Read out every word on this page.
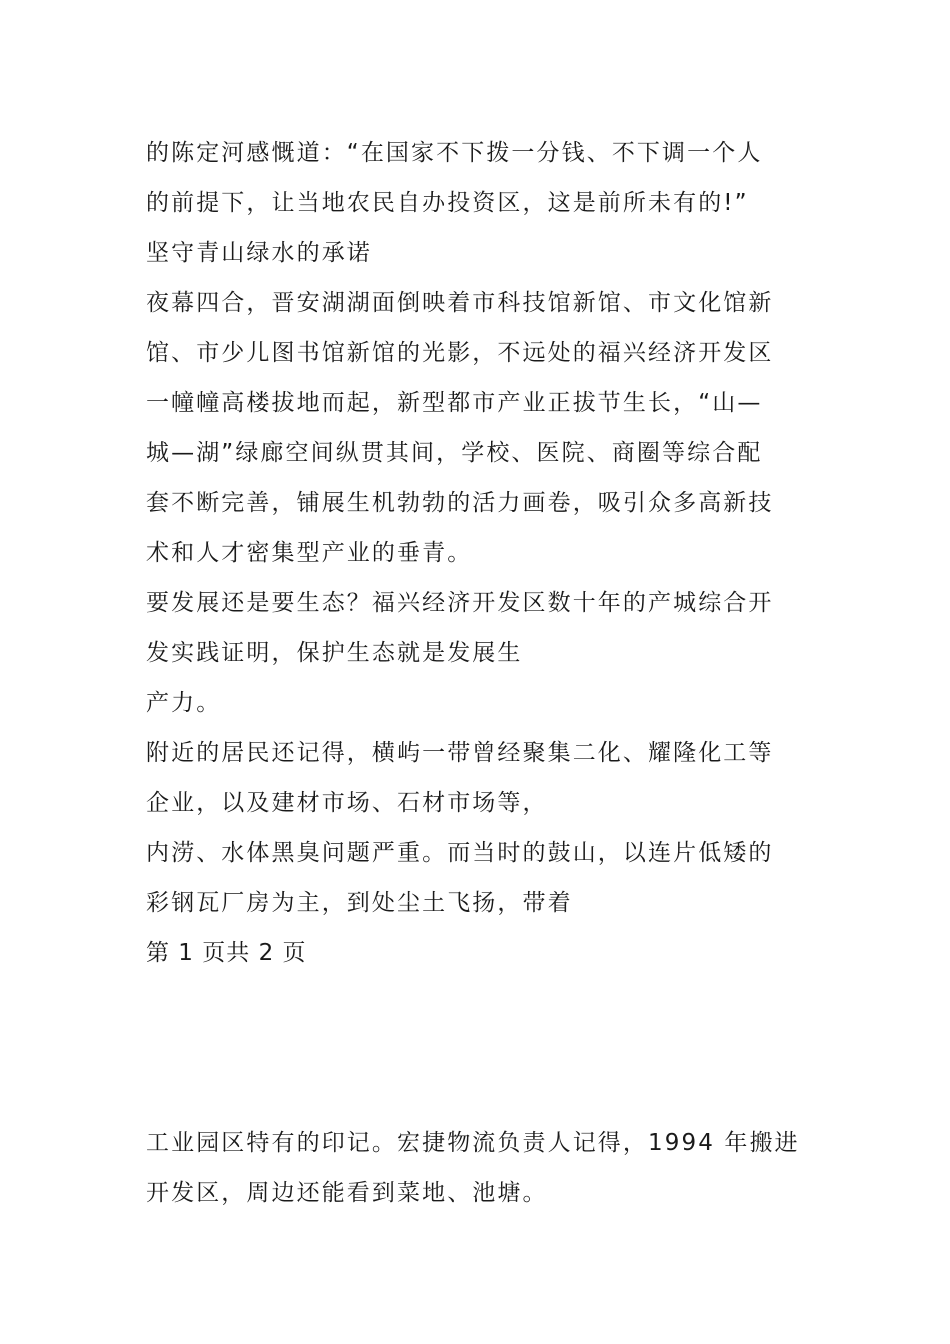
的陈定河感慨道：“在国家不下拨一分钱、不下调一个人

的前提下，让当地农民自办投资区，这是前所未有的!”

坚守青山绿水的承诺

夜幕四合，晋安湖湖面倒映着市科技馆新馆、市文化馆新

馆、市少儿图书馆新馆的光影，不远处的福兴经济开发区

一幢幢高楼拔地而起，新型都市产业正拔节生长，“山—

城—湖”绿廊空间纵贯其间，学校、医院、商圈等综合配

套不断完善，铺展生机勃勃的活力画卷，吸引众多高新技

术和人才密集型产业的垂青。

要发展还是要生态？福兴经济开发区数十年的产城综合开

发实践证明，保护生态就是发展生

产力。

附近的居民还记得，横屿一带曾经聚集二化、耀隆化工等

企业，以及建材市场、石材市场等，

内涝、水体黑臭问题严重。而当时的鼓山，以连片低矮的

彩钢瓦厂房为主，到处尘土飞扬，带着

第 1 页共 2 页

工业园区特有的印记。宏捷物流负责人记得，1994 年搬进

开发区，周边还能看到菜地、池塘。
